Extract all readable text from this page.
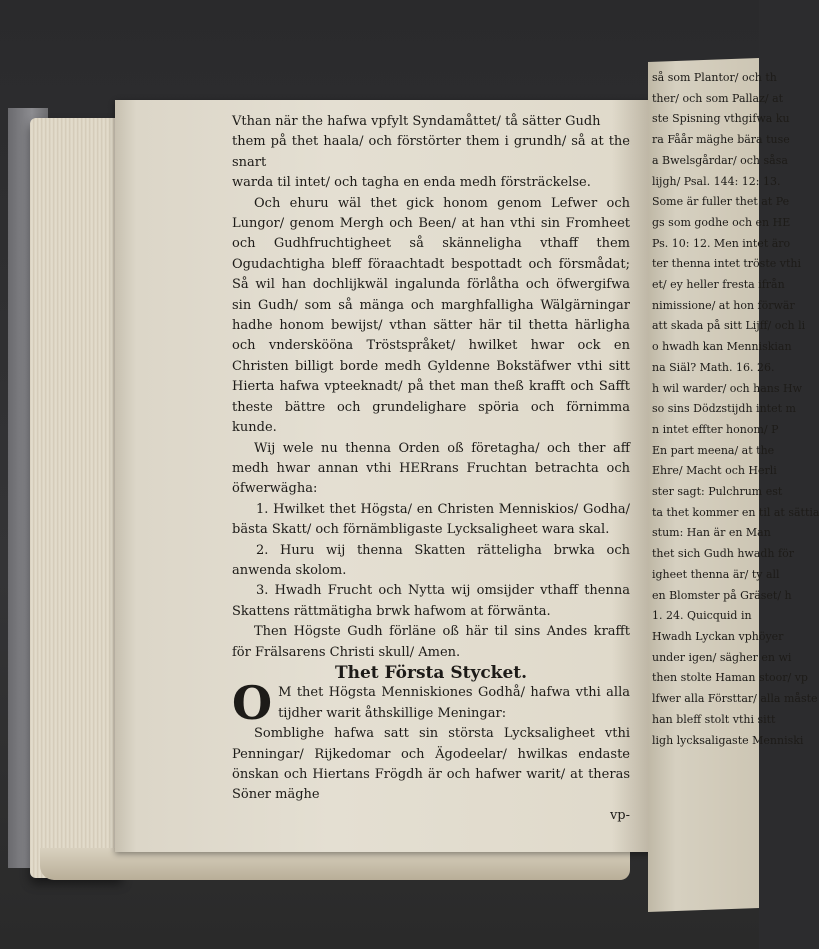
Vthan när the hafwa vpfylt Syndamåttet/ tå sätter Gudh

them på thet haala/ och förstörter them i grundh/ så at the snart

warda til intet/ och tagha en enda medh försträckelse.

Och ehuru wäl thet gick honom genom Lefwer och Lungor/ genom Mergh och Been/ at han vthi sin Fromheet och Gudhfruchtigheet så skänneligha vthaff them Ogudachtigha bleff föraachtadt bespottadt och försmådat; Så wil han dochlijkwäl ingalunda förlåtha och öfwergifwa sin Gudh/ som så mänga och marghfalligha Wälgärningar hadhe honom bewijst/ vthan sätter här til thetta härligha och vnderskööna Tröstspråket/ hwilket hwar ock en Christen billigt borde medh Gyldenne Bokstäfwer vthi sitt Hierta hafwa vpteeknadt/ på thet man theß krafft och Safft theste bättre och grundelighare spöria och förnimma kunde.

Wij wele nu thenna Orden oß företagha/ och ther aff medh hwar annan vthi HERrans Fruchtan betrachta och öfwerwägha:

1. Hwilket thet Högsta/ en Christen Menniskios/ Godha/ bästa Skatt/ och förnämbligaste Lycksaligheet wara skal.

2. Huru wij thenna Skatten rätteligha brwka och anwenda skolom.

3. Hwadh Frucht och Nytta wij omsijder vthaff thenna Skattens rättmätigha brwk hafwom at förwänta.

Then Högste Gudh förläne oß här til sins Andes krafft för Frälsarens Christi skull/ Amen.

Thet Första Stycket.

O M thet Högsta Menniskiones Godhå/ hafwa vthi alla tijdher warit åthskillige Meningar:

Somblighe hafwa satt sin största Lycksaligheet vthi Penningar/ Rijkedomar och Ägodeelar/ hwilkas endaste önskan och Hiertans Frögdh är och hafwer warit/ at theras Söner mäghe

vp-

så som Plantor/ och th
ther/ och som Pallaz/ at
ste Spisning vthgifwa ku
ra Fåår mäghe bära tuse
a Bwelsgårdar/ och såsa
lijgh/ Psal. 144: 12: 13.
Some är fuller thet at Pe
gs som godhe och en HE
Ps. 10: 12. Men intet äro
ter thenna intet tröste vthi
et/ ey heller fresta ifrån
nimissione/ at hon förwär
att skada på sitt Lijff/ och li
o hwadh kan Menniskian
na Siäl? Math. 16. 26.
h wil warder/ och hans Hw
so sins Dödzstijdh intet m
n intet effter honom/ P
En part meena/ at the
Ehre/ Macht och Herli
ster sagt: Pulchrum est
ta thet kommer en til at sättia
stum: Han är en Man
thet sich Gudh hwadh för
igheet thenna är/ ty all
en Blomster på Gräset/ h
1. 24. Quicquid in
Hwadh Lyckan vphöyer
under igen/ sägher en wi
then stolte Haman stoor/ vp
lfwer alla Försttar/ alla måste
han bleff stolt vthi sitt
ligh lycksaligaste Menniski
